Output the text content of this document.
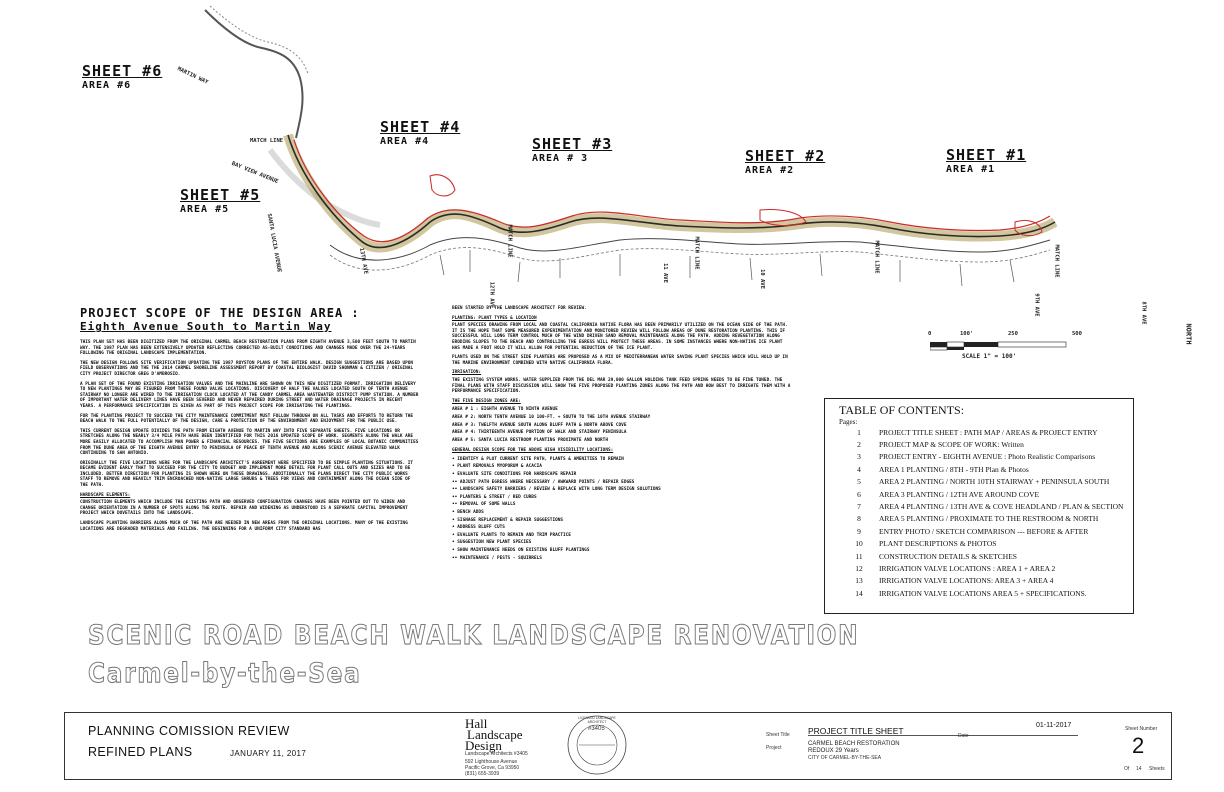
SHEET #6
AREA #6
SHEET #5
AREA #5
SHEET #4
AREA #4	SHEET #3
AREA # 3	SHEET #2
AREA #2
SHEET #1
AREA #1
MARTIN WAY
BAY VIEW AVENUE
SANTA LUCIA AVENUE	13TH AVE
12TH AVE
11 AVE	10 AVE
9TH AVE	8TH AVE
MATCH LINE
MATCH LINE	MATCH LINE	MATCH LINE	MATCH LINE
NORTH
0	100'	250	500
SCALE 1" = 100'
PROJECT SCOPE OF THE DESIGN AREA :
Eighth Avenue South to Martin Way

THIS PLAN SET HAS BEEN DIGITIZED FROM THE ORIGINAL CARMEL BEACH RESTORATION PLANS FROM EIGHTH AVENUE 3,500 FEET SOUTH TO MARTIN WAY. THE 1987 PLAN HAS BEEN EXTENSIVELY UPDATED REFLECTING CORRECTED AS-BUILT CONDITIONS AND CHANGES MADE OVER THE 24-YEARS FOLLOWING THE ORIGINAL LANDSCAPE IMPLEMENTATION.

THE NEW DESIGN FOLLOWS SITE VERIFICATION UPDATING THE 1987 ROYSTON PLANS OF THE ENTIRE WALK. DESIGN SUGGESTIONS ARE BASED UPON FIELD OBSERVATIONS AND THE THE 2014 CARMEL SHORELINE ASSESSMENT REPORT BY COASTAL BIOLOGIST DAVID SHONMAN & CITIZEN / ORIGINAL CITY PROJECT DIRECTOR GREG D'AMBROSIO.

A PLAN SET OF THE FOUND EXISTING IRRIGATION VALVES AND THE MAINLINE ARE SHOWN ON THIS NEW DIGITIZED FORMAT. IRRIGATION DELIVERY TO NEW PLANTINGS MAY BE FIGURED FROM THESE FOUND VALVE LOCATIONS. DISCOVERY OF HALF THE VALVES LOCATED SOUTH OF TENTH AVENUE STAIRWAY NO LONGER ARE WIRED TO THE IRRIGATION CLOCK LOCATED AT THE CANDY CARMEL AREA WASTEWATER DISTRICT PUMP STATION. A NUMBER OF IMPORTANT WATER DELIVERY LINES HAVE BEEN SEVERED AND NEVER REPAIRED DURING STREET AND WATER DRAINAGE PROJECTS IN RECENT YEARS. A PERFORMANCE SPECIFICATION IS GIVEN AS PART OF THIS PROJECT SCOPE FOR IRRIGATING THE PLANTINGS.

FOR THE PLANTING PROJECT TO SUCCEED THE CITY MAINTENANCE COMMITMENT MUST FOLLOW THROUGH ON ALL TASKS AND EFFORTS TO RETURN THE BEACH WALK TO THE FULL POTENTIALLY OF THE DESIGN, CARE & PROTECTION OF THE ENVIRONMENT AND ENJOYMENT FOR THE PUBLIC USE.

THIS CURRENT DESIGN UPDATE DIVIDES THE PATH FROM EIGHTH AVENUE TO MARTIN WAY INTO FIVE SEPARATE SHEETS. FIVE LOCATIONS OR STRETCHES ALONG THE NEARLY 3/4 MILE PATH HAVE BEEN IDENTIFIED FOR THIS 2016 UPDATED SCOPE OF WORK. SEGMENTS ALONG THE WALK ARE MORE EASILY ALLOCATED TO ACCOMPLISH MAN POWER & FINANCIAL RESOURCES. THE FIVE SECTIONS ARE EXAMPLES OF LOCAL BOTANIC COMMUNITIES FROM THE DUNE AREA OF THE EIGHTH AVENUE ENTRY TO PENINSULA OF PEACE OF TENTH AVENUE AND ALONG SCENIC AVENUE ELEVATED WALK CONTINUING TO SAN ANTONIO.

ORIGINALLY THE FIVE LOCATIONS WERE FOR THE LANDSCAPE ARCHITECT'S AGREEMENT WERE SPECIFIED TO BE SIMPLE PLANTING SITUATIONS. IT BECAME EVIDENT EARLY THAT TO SUCCEED FOR THE CITY TO BUDGET AND IMPLEMENT MORE DETAIL FOR PLANT CALL OUTS AND SIZES HAD TO BE INCLUDED. BETTER DIRECTION FOR PLANTING IS SHOWN HERE ON THESE DRAWINGS. ADDITIONALLY THE PLANS DIRECT THE CITY PUBLIC WORKS STAFF TO REMOVE AND HEAVILY TRIM ENCROACHED NON-NATIVE LARGE SHRUBS & TREES FOR VIEWS AND CONTAINMENT ALONG THE OCEAN SIDE OF THE PATH.

HARDSCAPE ELEMENTS:

CONSTRUCTION ELEMENTS WHICH INCLUDE THE EXISTING PATH AND OBSERVED CONFIGURATION CHANGES HAVE BEEN POINTED OUT TO WIDEN AND CHANGE ORIENTATION IN A NUMBER OF SPOTS ALONG THE ROUTE. REPAIR AND WIDENING AS UNDERSTOOD IS A SEPARATE CAPITAL IMPROVEMENT PROJECT WHICH DOVETAILS INTO THE LANDSCAPE.

LANDSCAPE PLANTING BARRIERS ALONG MUCH OF THE PATH ARE NEEDED IN NEW AREAS FROM THE ORIGINAL LOCATIONS. MANY OF THE EXISTING LOCATIONS ARE DEGRADED MATERIALS AND FAILING. THE BEGINNING FOR A UNIFORM CITY STANDARD HAS

BEEN STARTED BY THE LANDSCAPE ARCHITECT FOR REVIEW.

PLANTING: PLANT TYPES & LOCATION

PLANT SPECIES DRAWING FROM LOCAL AND COASTAL CALIFORNIA NATIVE FLORA HAS BEEN PRIMARILY UTILIZED ON THE OCEAN SIDE OF THE PATH. IT IS THE HOPE THAT SOME MEASURED EXPERIMENTATION AND MONITORED REVIEW WILL FOLLOW AREAS OF DUNE RESTORATION PLANTING. THIS IF SUCCESSFUL WILL LONG TERM CONTROL MUCH OF THE WIND DRIVEN SAND REMOVAL MAINTENANCE ALONG THE PATH. ADDING REVEGETATION ALONG ERODING SLOPES TO THE BEACH AND CONTROLLING THE EGRESS WILL PROTECT THESE AREAS. IN SOME INSTANCES WHERE NON-NATIVE ICE PLANT HAS MADE A FOOT HOLD IT WILL ALLOW FOR POTENTIAL REDUCTION OF THE ICE PLANT.

PLANTS USED ON THE STREET SIDE PLANTERS ARE PROPOSED AS A MIX OF MEDITERRANEAN WATER SAVING PLANT SPECIES WHICH WILL HOLD UP IN THE MARINE ENVIRONMENT COMBINED WITH NATIVE CALIFORNIA FLORA.

IRRIGATION:

THE EXISTING SYSTEM WORKS. WATER SUPPLIED FROM THE DEL MAR 29,000 GALLON HOLDING TANK FEED SPRING NEEDS TO BE FINE TUNED. THE FINAL PLANS WITH STAFF DISCUSSION WILL SHOW THE FIVE PROPOSED PLANTING ZONES ALONG THE PATH AND HOW BEST TO IRRIGATE THEM WITH A PERFORMANCE SPECIFICATION.

THE FIVE DESIGN ZONES ARE:

AREA # 1 : EIGHTH AVENUE TO NINTH AVENUE
AREA # 2: NORTH TENTH AVENUE 10 100-FT. + SOUTH TO THE 10TH AVENUE STAIRWAY
AREA # 3: TWELFTH AVENUE SOUTH ALONG BLUFF PATH & NORTH ABOVE COVE
AREA # 4: THIRTEENTH AVENUE PORTION OF WALK AND STAIRWAY PENINSULA
AREA # 5: SANTA LUCIA RESTROOM PLANTING PROXIMATE AND NORTH

GENERAL DESIGN SCOPE FOR THE ABOVE HIGH VISIBILITY LOCATIONS:

• IDENTIFY & PLOT CURRENT SITE PATH, PLANTS & AMENITIES TO REMAIN
• PLANT REMOVALS MYOPORUM & ACACIA
• EVALUATE SITE CONDITIONS FOR HARDSCAPE REPAIR
•• ADJUST PATH EGRESS WHERE NECESSARY / AWKWARD POINTS / REPAIR EDGES
•• LANDSCAPE SAFETY BARRIERS / REVIEW & REPLACE WITH LONG TERM DESIGN SOLUTIONS
•• PLANTERS & STREET / RED CURBS
•• REMOVAL OF SOME WALLS
• BENCH ADDS
• SIGNAGE REPLACEMENT & REPAIR SUGGESTIONS
• ADDRESS BLUFF CUTS
• EVALUATE PLANTS TO REMAIN AND TRIM PRACTICE
• SUGGESTION NEW PLANT SPECIES
• SHOW MAINTENANCE NEEDS ON EXISTING BLUFF PLANTINGS
•• MAINTENANCE / PESTS - SQUIRRELS
TABLE OF CONTENTS:
Pages:
1	PROJECT TITLE SHEET : PATH MAP / AREAS & PROJECT ENTRY
2	PROJECT MAP & SCOPE OF WORK: Written
3	PROJECT ENTRY - EIGHTH AVENUE : Photo Realistic Comparisons
4	AREA 1 PLANTING / 8TH - 9TH Plan & Photos
5	AREA 2 PLANTING / NORTH 10TH STAIRWAY + PENINSULA SOUTH
6	AREA 3 PLANTING / 12TH AVE AROUND COVE
7	AREA 4 PLANTING / 13TH AVE & COVE HEADLAND / PLAN & SECTION
8	AREA 5 PLANTING / PROXIMATE TO THE RESTROOM & NORTH
9	ENTRY PHOTO / SKETCH COMPARISON --- BEFORE & AFTER
10	PLANT DESCRIPTIONS & PHOTOS
11	CONSTRUCTION DETAILS & SKETCHES
12	IRRIGATION VALVE LOCATIONS : AREA 1 + AREA 2
13	IRRIGATION VALVE LOCATIONS: AREA 3 + AREA 4
14	IRRIGATION VALVE LOCATIONS AREA 5 + SPECIFICATIONS.
SCENIC ROAD BEACH WALK LANDSCAPE RENOVATION
Carmel-by-the-Sea
PLANNING COMISSION REVIEW
REFINED PLANS	JANUARY 11, 2017
Hall
Landscape
Design
Landscape Architects #3405
592 Lighthouse Avenue
Pacific Grove, Ca 93950
(831) 655-3939
#3405
LICENSED LANDSCAPE ARCHITECT
Sheet Title PROJECT TITLE SHEET
01-11-2017
Date
Project
CARMEL BEACH RESTORATION
REDOUX 29 Years
CITY OF CARMEL-BY-THE-SEA
Sheet Number
2
Of 14 Sheets
